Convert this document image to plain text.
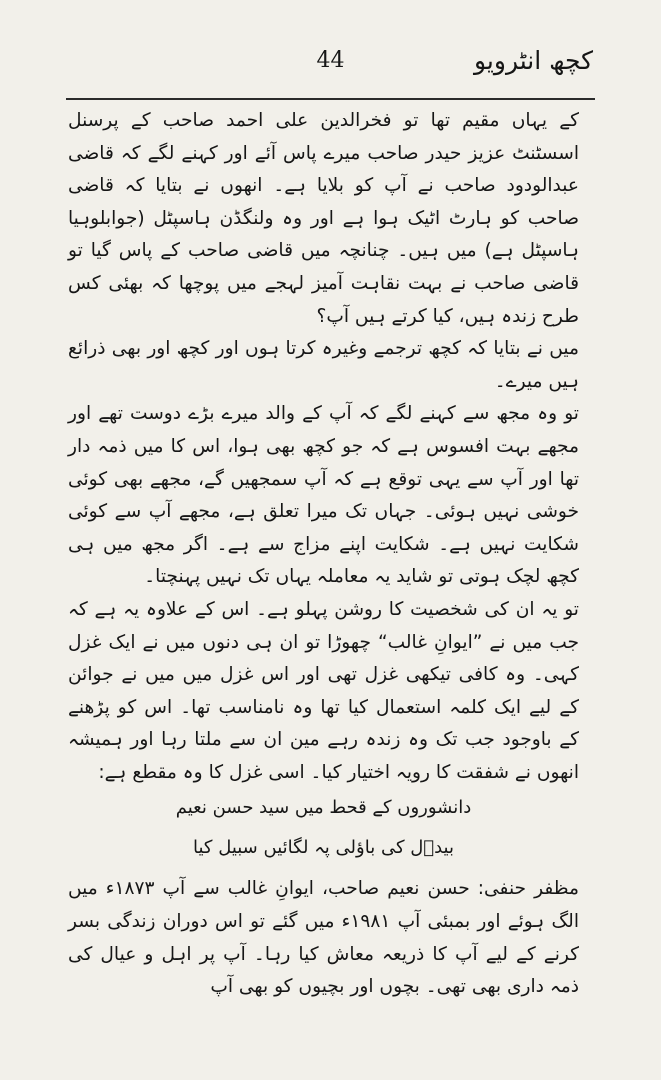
44	کچھ انٹرویو

کے یہاں مقیم تھا تو فخرالدین علی احمد صاحب کے پرسنل اسسٹنٹ عزیز حیدر صاحب میرے پاس آئے اور کہنے لگے کہ قاضی عبدالودود صاحب نے آپ کو بلایا ہے۔ انھوں نے بتایا کہ قاضی صاحب کو ہارٹ اٹیک ہوا ہے اور وہ ولنگڈن ہاسپٹل (جوابلوہیا ہاسپٹل ہے) میں ہیں۔ چنانچہ میں قاضی صاحب کے پاس گیا تو قاضی صاحب نے بہت نقاہت آمیز لہجے میں پوچھا کہ بھئی کس طرح زندہ ہیں، کیا کرتے ہیں آپ؟

میں نے بتایا کہ کچھ ترجمے وغیرہ کرتا ہوں اور کچھ اور بھی ذرائع ہیں میرے۔

تو وہ مجھ سے کہنے لگے کہ آپ کے والد میرے بڑے دوست تھے اور مجھے بہت افسوس ہے کہ جو کچھ بھی ہوا، اس کا میں ذمہ دار تھا اور آپ سے یہی توقع ہے کہ آپ سمجھیں گے، مجھے بھی کوئی خوشی نہیں ہوئی۔ جہاں تک میرا تعلق ہے، مجھے آپ سے کوئی شکایت نہیں ہے۔ شکایت اپنے مزاج سے ہے۔ اگر مجھ میں ہی کچھ لچک ہوتی تو شاید یہ معاملہ یہاں تک نہیں پہنچتا۔

تو یہ ان کی شخصیت کا روشن پہلو ہے۔ اس کے علاوہ یہ ہے کہ جب میں نے ”ایوانِ غالب“ چھوڑا تو ان ہی دنوں میں نے ایک غزل کہی۔ وہ کافی تیکھی غزل تھی اور اس غزل میں میں نے جوائن کے لیے ایک کلمہ استعمال کیا تھا وہ نامناسب تھا۔ اس کو پڑھنے کے باوجود جب تک وہ زندہ رہے مین ان سے ملتا رہا اور ہمیشہ انھوں نے شفقت کا رویہ اختیار کیا۔ اسی غزل کا وہ مقطع ہے:

دانشوروں کے قحط میں سید حسن نعیم
بیدؔل کی باؤلی پہ لگائیں سبیل کیا

مظفر حنفی: حسن نعیم صاحب، ایوانِ غالب سے آپ ۱۸۷۳ء میں الگ ہوئے اور بمبئی آپ ۱۹۸۱ء میں گئے تو اس دوران زندگی بسر کرنے کے لیے آپ کا ذریعہ معاش کیا رہا۔ آپ پر اہل و عیال کی ذمہ داری بھی تھی۔ بچوں اور بچیوں کو بھی آپ
